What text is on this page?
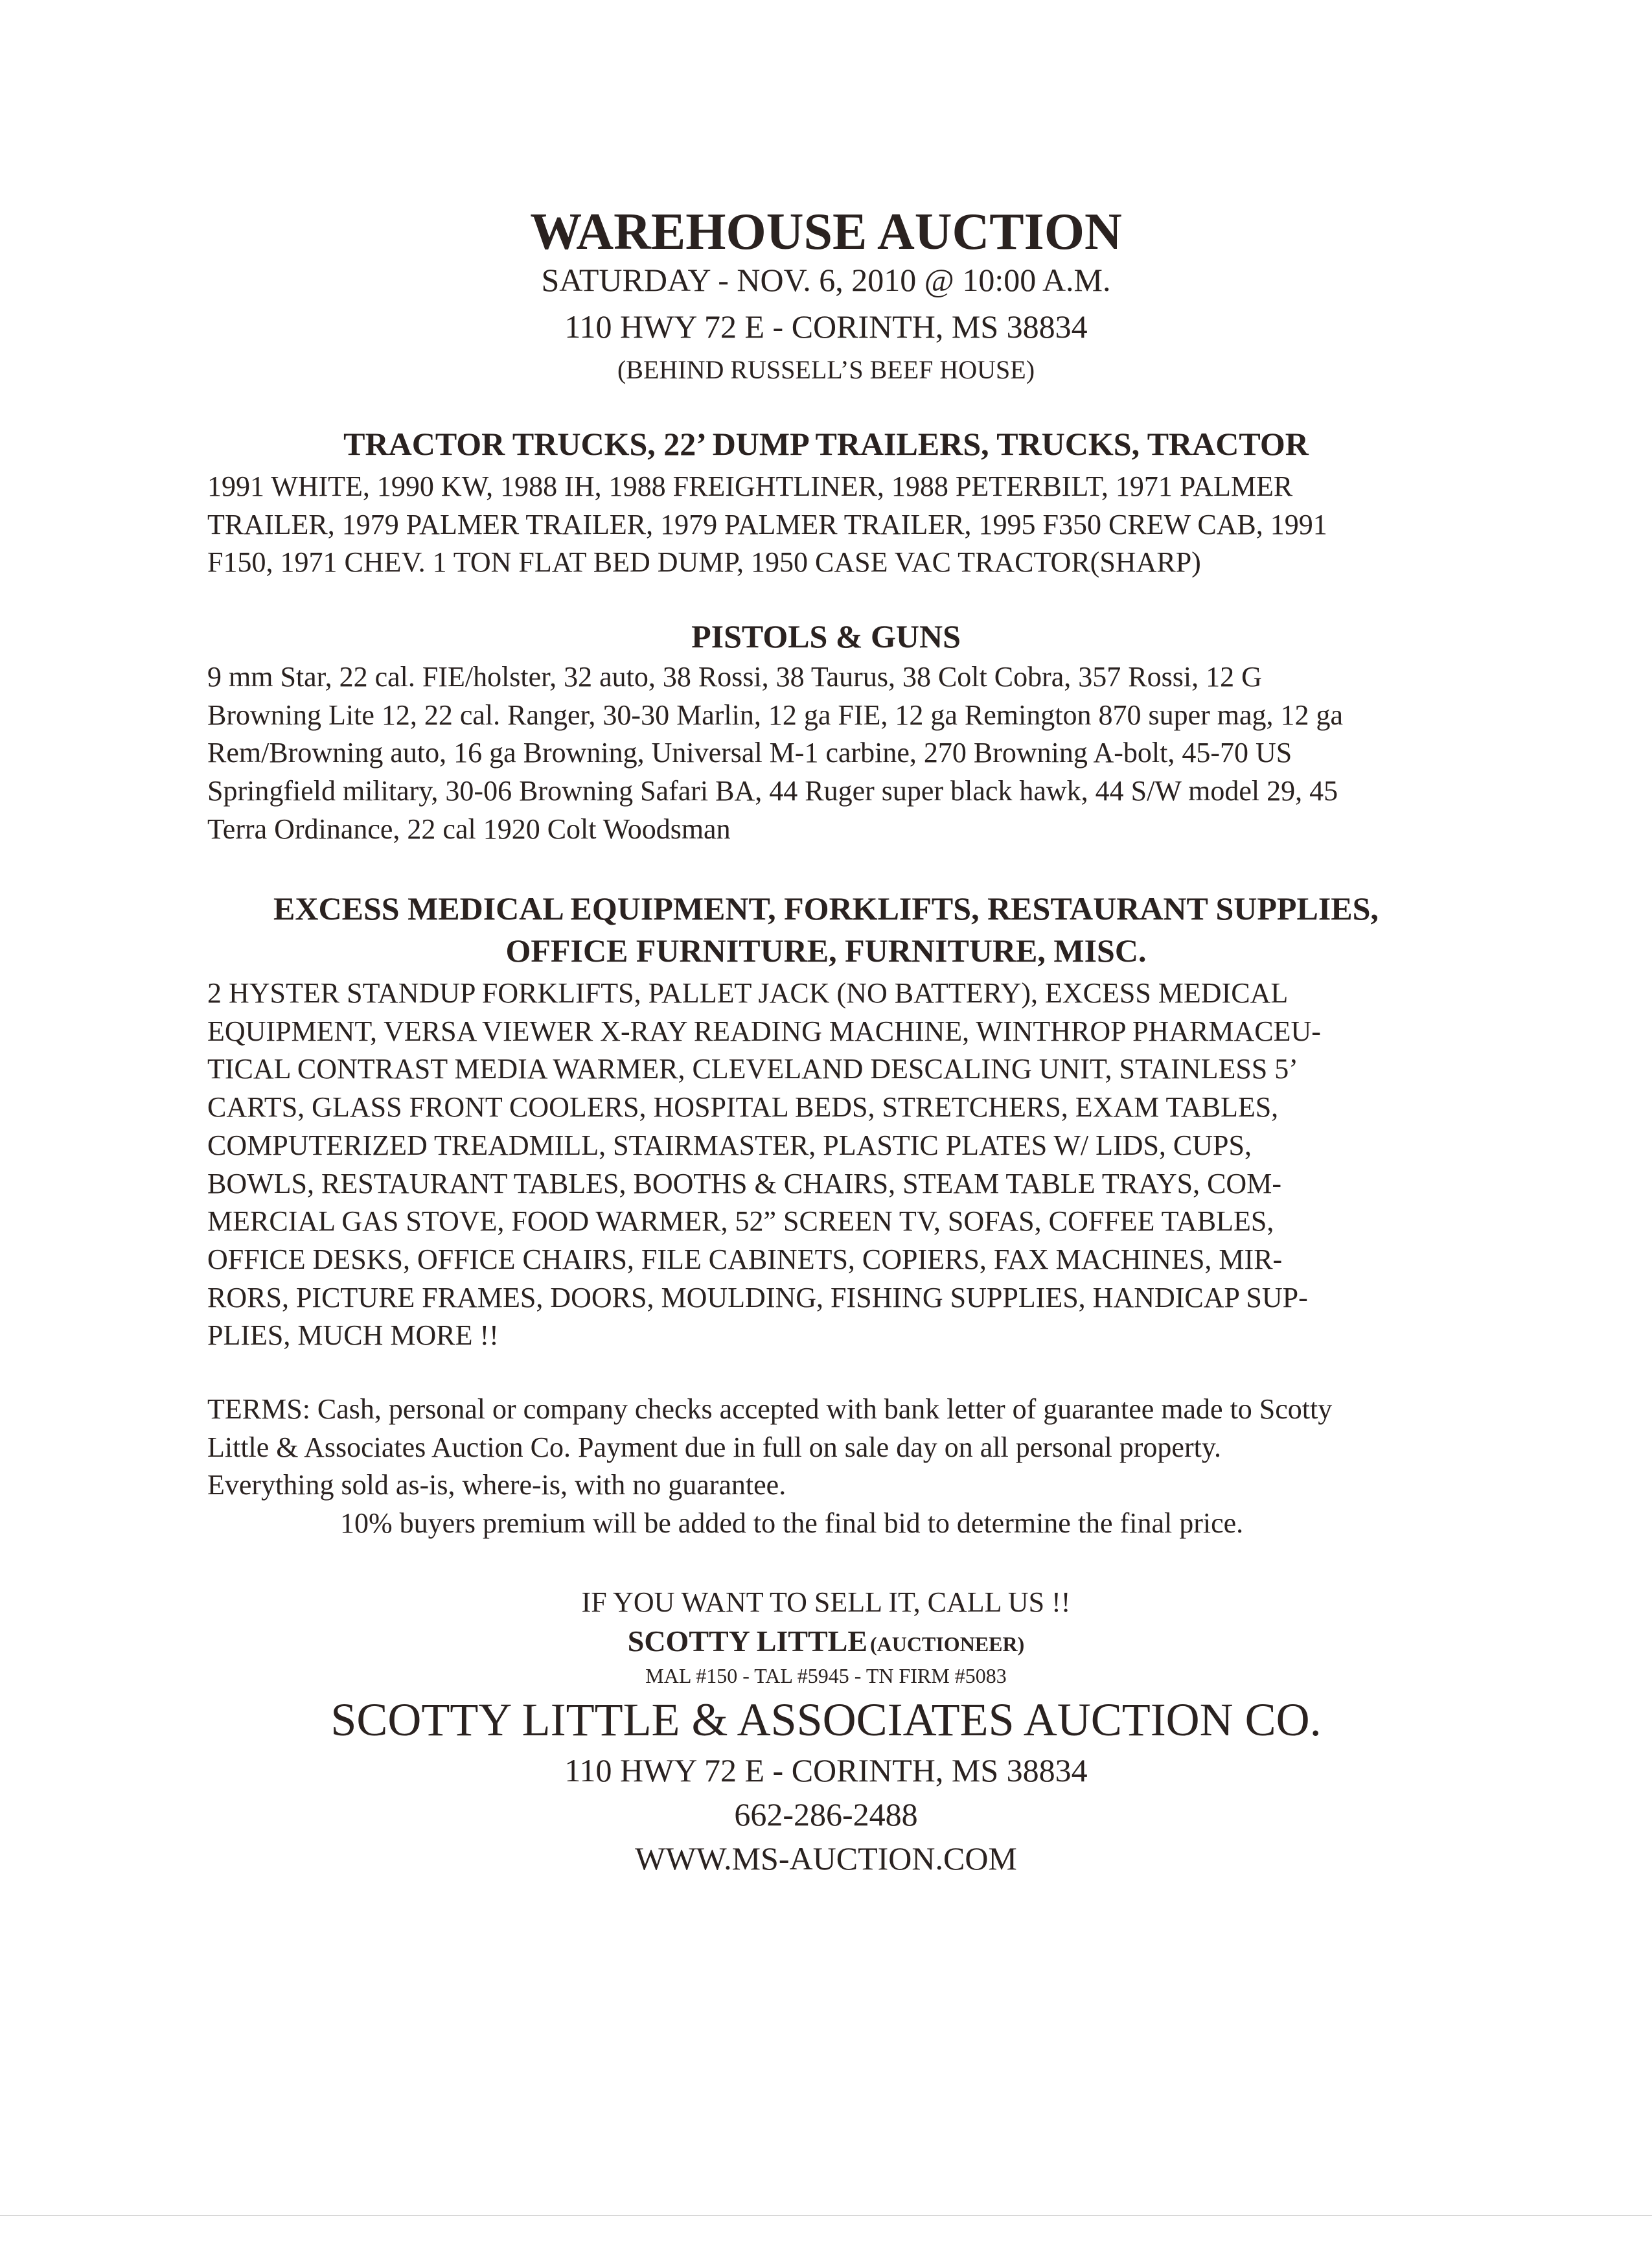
WAREHOUSE AUCTION
SATURDAY - NOV. 6, 2010 @ 10:00 A.M.
110 HWY 72 E - CORINTH, MS 38834
(BEHIND RUSSELL’S BEEF HOUSE)
TRACTOR TRUCKS, 22’ DUMP TRAILERS, TRUCKS, TRACTOR
1991 WHITE, 1990 KW, 1988 IH, 1988 FREIGHTLINER, 1988 PETERBILT, 1971 PALMER
TRAILER, 1979 PALMER TRAILER, 1979 PALMER TRAILER, 1995 F350 CREW CAB, 1991
F150, 1971 CHEV. 1 TON FLAT BED DUMP, 1950 CASE VAC TRACTOR(SHARP)
PISTOLS & GUNS
9 mm Star, 22 cal. FIE/holster, 32 auto, 38 Rossi, 38 Taurus, 38 Colt Cobra, 357 Rossi, 12 G
Browning Lite 12, 22 cal. Ranger, 30-30 Marlin, 12 ga FIE, 12 ga Remington 870 super mag, 12 ga
Rem/Browning auto, 16 ga Browning, Universal M-1 carbine, 270 Browning A-bolt, 45-70 US
Springfield military, 30-06 Browning Safari BA, 44 Ruger super black hawk, 44 S/W model 29, 45
Terra Ordinance, 22 cal 1920 Colt Woodsman
EXCESS MEDICAL EQUIPMENT, FORKLIFTS, RESTAURANT SUPPLIES,
OFFICE FURNITURE, FURNITURE, MISC.
2 HYSTER STANDUP FORKLIFTS, PALLET JACK (NO BATTERY), EXCESS MEDICAL
EQUIPMENT, VERSA VIEWER X-RAY READING MACHINE, WINTHROP PHARMACEU-
TICAL CONTRAST MEDIA WARMER, CLEVELAND DESCALING UNIT, STAINLESS 5’
CARTS, GLASS FRONT COOLERS, HOSPITAL BEDS, STRETCHERS, EXAM TABLES,
COMPUTERIZED TREADMILL, STAIRMASTER, PLASTIC PLATES W/ LIDS, CUPS,
BOWLS, RESTAURANT TABLES, BOOTHS & CHAIRS, STEAM TABLE TRAYS, COM-
MERCIAL GAS STOVE, FOOD WARMER, 52” SCREEN TV, SOFAS, COFFEE TABLES,
OFFICE DESKS, OFFICE CHAIRS, FILE CABINETS, COPIERS, FAX MACHINES, MIR-
RORS, PICTURE FRAMES, DOORS, MOULDING, FISHING SUPPLIES, HANDICAP SUP-
PLIES, MUCH MORE !!
TERMS: Cash, personal or company checks accepted with bank letter of guarantee made to Scotty
Little & Associates Auction Co. Payment due in full on sale day on all personal property.
Everything sold as-is, where-is, with no guarantee.
10% buyers premium will be added to the final bid to determine the final price.
IF YOU WANT TO SELL IT, CALL US !!
SCOTTY LITTLE (AUCTIONEER)
MAL #150 - TAL #5945 - TN FIRM #5083
SCOTTY LITTLE & ASSOCIATES AUCTION CO.
110 HWY 72 E - CORINTH, MS 38834
662-286-2488
WWW.MS-AUCTION.COM
